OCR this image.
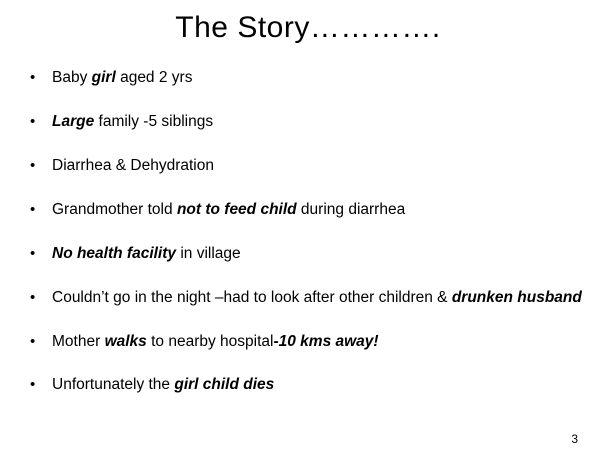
The Story………….
• Baby girl aged 2 yrs
• Large family -5 siblings
• Diarrhea & Dehydration
• Grandmother told not to feed child during diarrhea
• No health facility in village
• Couldn’t go in the night –had to look after other children & drunken husband
• Mother walks to nearby hospital-10 kms away!
• Unfortunately the girl child dies
3
